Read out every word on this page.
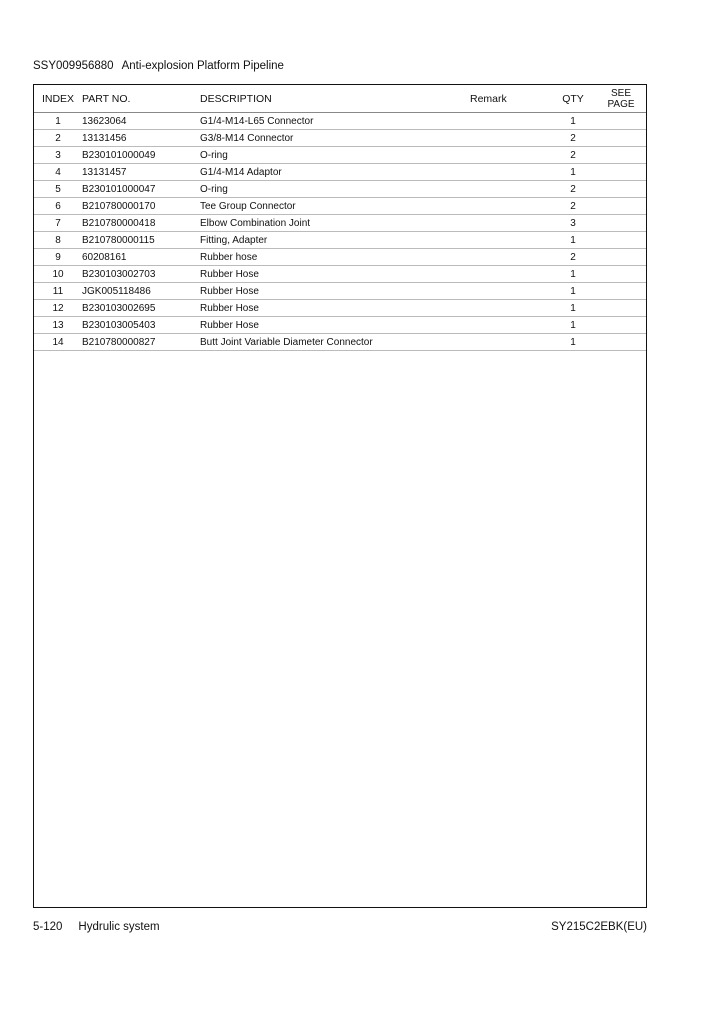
SSY009956880 Anti-explosion Platform Pipeline
INDEX	PART NO.	DESCRIPTION	Remark	QTY	SEE
PAGE
1	13623064	G1/4-M14-L65 Connector		1	
2	13131456	G3/8-M14 Connector		2	
3	B230101000049	O-ring		2	
4	13131457	G1/4-M14 Adaptor		1	
5	B230101000047	O-ring		2	
6	B210780000170	Tee Group Connector		2	
7	B210780000418	Elbow Combination Joint		3	
8	B210780000115	Fitting, Adapter		1	
9	60208161	Rubber hose		2	
10	B230103002703	Rubber Hose		1	
11	JGK005118486	Rubber Hose		1	
12	B230103002695	Rubber Hose		1	
13	B230103005403	Rubber Hose		1	
14	B210780000827	Butt Joint Variable Diameter Connector		1	
5-120 Hydrulic system	SY215C2EBK(EU)
